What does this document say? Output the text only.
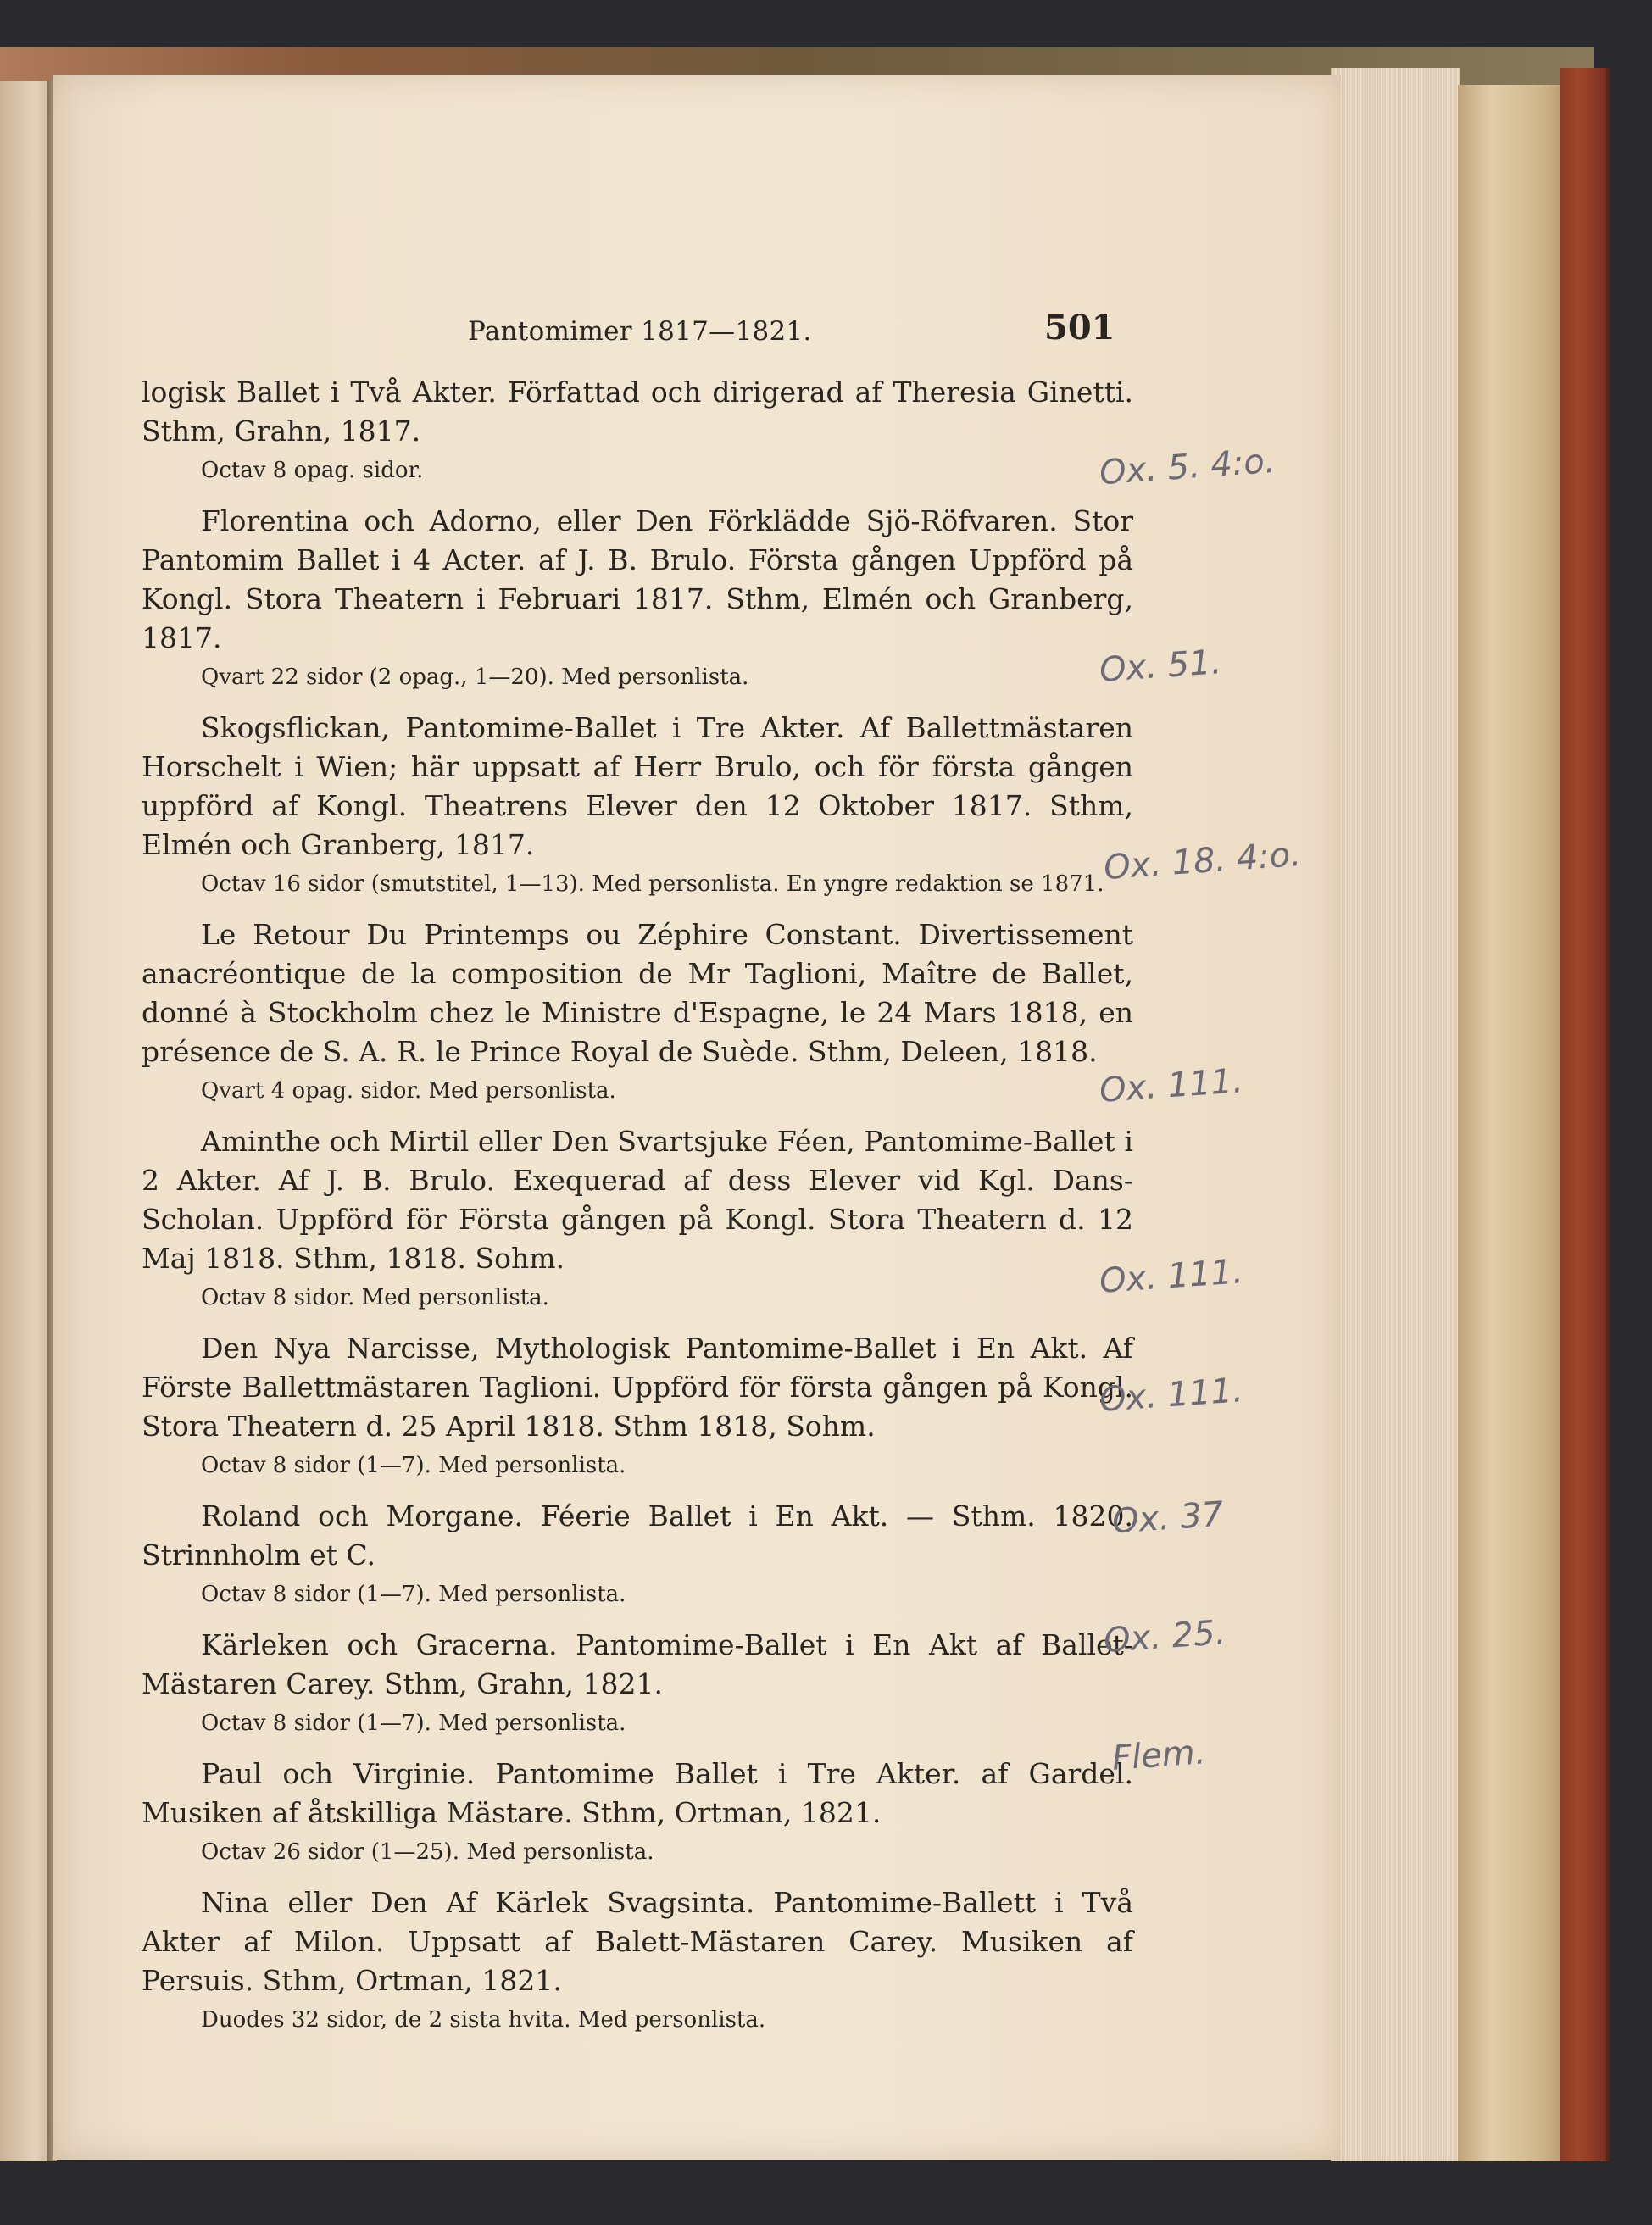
Pantomimer 1817—1821.	501

logisk Ballet i Två Akter. Författad och dirigerad af Theresia Ginetti. Sthm, Grahn, 1817.

Octav 8 opag. sidor.

Florentina och Adorno, eller Den Förklädde Sjö-Röfvaren. Stor Pantomim Ballet i 4 Acter. af J. B. Brulo. Första gången Uppförd på Kongl. Stora Theatern i Februari 1817. Sthm, Elmén och Granberg, 1817.

Qvart 22 sidor (2 opag., 1—20). Med personlista.

Skogsflickan, Pantomime-Ballet i Tre Akter. Af Ballettmästaren Horschelt i Wien; här uppsatt af Herr Brulo, och för första gången uppförd af Kongl. Theatrens Elever den 12 Oktober 1817. Sthm, Elmén och Granberg, 1817.

Octav 16 sidor (smutstitel, 1—13). Med personlista. En yngre redaktion se 1871.

Le Retour Du Printemps ou Zéphire Constant. Divertissement anacréontique de la composition de Mr Taglioni, Maître de Ballet, donné à Stockholm chez le Ministre d'Espagne, le 24 Mars 1818, en présence de S. A. R. le Prince Royal de Suède. Sthm, Deleen, 1818.

Qvart 4 opag. sidor. Med personlista.

Aminthe och Mirtil eller Den Svartsjuke Féen, Pantomime-Ballet i 2 Akter. Af J. B. Brulo. Exequerad af dess Elever vid Kgl. Dans-Scholan. Uppförd för Första gången på Kongl. Stora Theatern d. 12 Maj 1818. Sthm, 1818. Sohm.

Octav 8 sidor. Med personlista.

Den Nya Narcisse, Mythologisk Pantomime-Ballet i En Akt. Af Förste Ballettmästaren Taglioni. Uppförd för första gången på Kongl. Stora Theatern d. 25 April 1818. Sthm 1818, Sohm.

Octav 8 sidor (1—7). Med personlista.

Roland och Morgane. Féerie Ballet i En Akt. — Sthm. 1820. Strinnholm et C.

Octav 8 sidor (1—7). Med personlista.

Kärleken och Gracerna. Pantomime-Ballet i En Akt af Ballet-Mästaren Carey. Sthm, Grahn, 1821.

Octav 8 sidor (1—7). Med personlista.

Paul och Virginie. Pantomime Ballet i Tre Akter. af Gardel. Musiken af åtskilliga Mästare. Sthm, Ortman, 1821.

Octav 26 sidor (1—25). Med personlista.

Nina eller Den Af Kärlek Svagsinta. Pantomime-Ballett i Två Akter af Milon. Uppsatt af Balett-Mästaren Carey. Musiken af Persuis. Sthm, Ortman, 1821.

Duodes 32 sidor, de 2 sista hvita. Med personlista.
Ox. 5. 4:o.
Ox. 51.
Ox. 18. 4:o.
Ox. 111.
Ox. 111.
Ox. 111.
Ox. 37
Ox. 25.
Flem.
